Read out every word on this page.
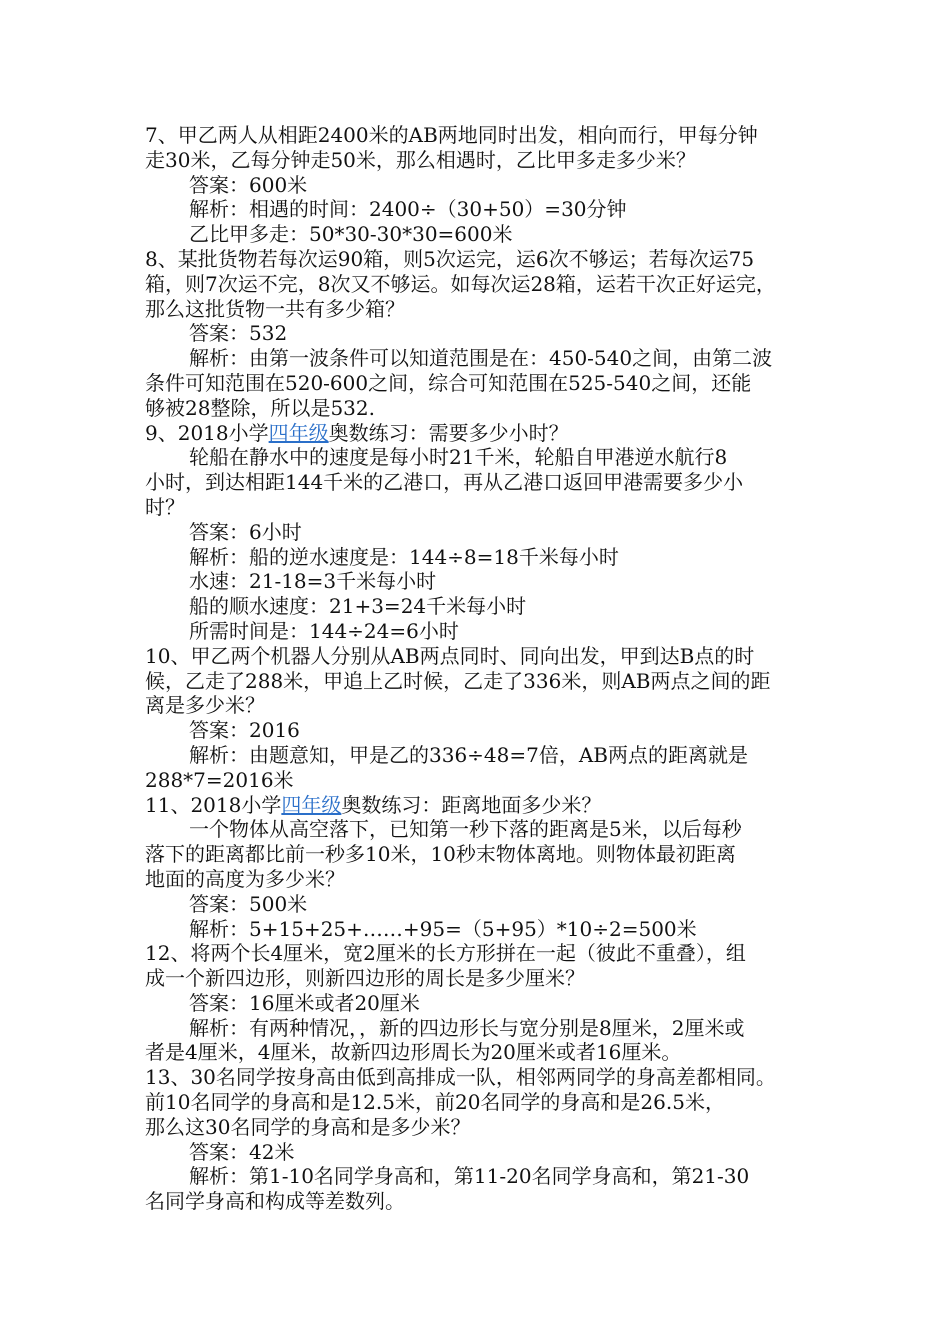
7、甲乙两人从相距2400米的AB两地同时出发，相向而行，甲每分钟
走30米，乙每分钟走50米，那么相遇时，乙比甲多走多少米？
答案：600米
解析：相遇的时间：2400÷（30+50）=30分钟
乙比甲多走：50*30-30*30=600米
8、某批货物若每次运90箱，则5次运完，运6次不够运；若每次运75
箱，则7次运不完，8次又不够运。如每次运28箱，运若干次正好运完，
那么这批货物一共有多少箱？
答案：532
解析：由第一波条件可以知道范围是在：450-540之间，由第二波
条件可知范围在520-600之间，综合可知范围在525-540之间，还能
够被28整除，所以是532.
9、2018小学四年级奥数练习：需要多少小时？
轮船在静水中的速度是每小时21千米，轮船自甲港逆水航行8
小时，到达相距144千米的乙港口，再从乙港口返回甲港需要多少小
时？
答案：6小时
解析：船的逆水速度是：144÷8=18千米每小时
水速：21-18=3千米每小时
船的顺水速度：21+3=24千米每小时
所需时间是：144÷24=6小时
10、甲乙两个机器人分别从AB两点同时、同向出发，甲到达B点的时
候，乙走了288米，甲追上乙时候，乙走了336米，则AB两点之间的距
离是多少米？
答案：2016
解析：由题意知，甲是乙的336÷48=7倍，AB两点的距离就是
288*7=2016米
11、2018小学四年级奥数练习：距离地面多少米？
一个物体从高空落下，已知第一秒下落的距离是5米，以后每秒
落下的距离都比前一秒多10米，10秒末物体离地。则物体最初距离
地面的高度为多少米？
答案：500米
解析：5+15+25+……+95=（5+95）*10÷2=500米
12、将两个长4厘米，宽2厘米的长方形拼在一起（彼此不重叠），组
成一个新四边形，则新四边形的周长是多少厘米？
答案：16厘米或者20厘米
解析：有两种情况，，新的四边形长与宽分别是8厘米，2厘米或
者是4厘米，4厘米，故新四边形周长为20厘米或者16厘米。
13、30名同学按身高由低到高排成一队，相邻两同学的身高差都相同。
前10名同学的身高和是12.5米，前20名同学的身高和是26.5米，
那么这30名同学的身高和是多少米？
答案：42米
解析：第1-10名同学身高和，第11-20名同学身高和，第21-30
名同学身高和构成等差数列。
